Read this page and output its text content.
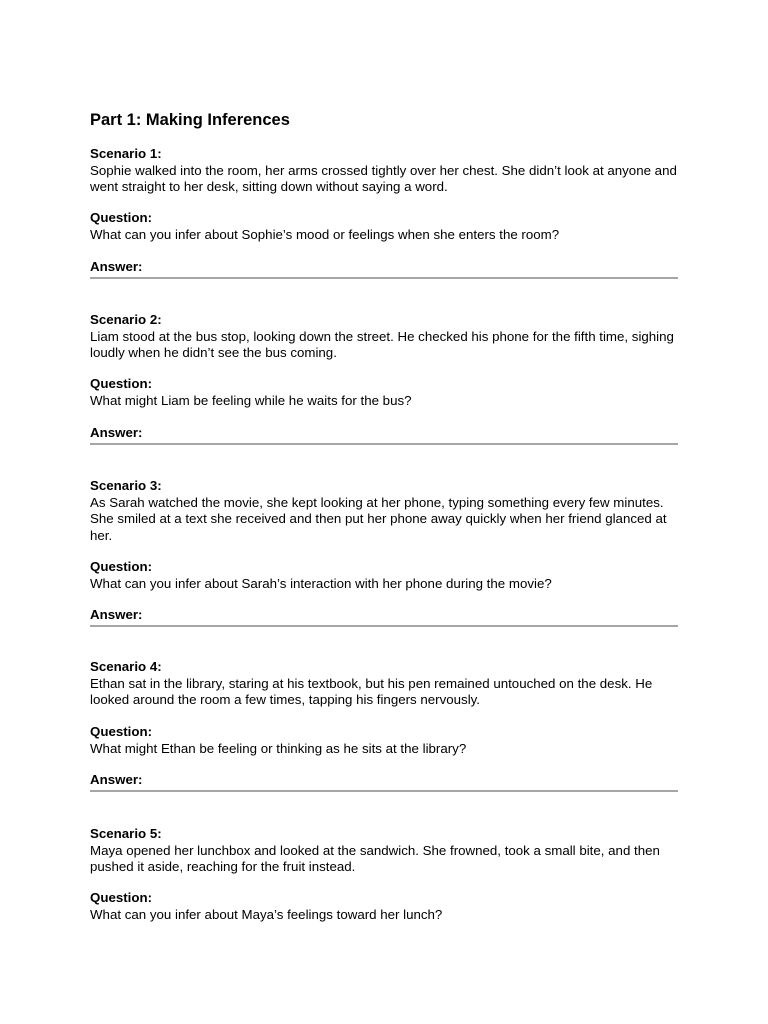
Part 1: Making Inferences
Scenario 1:
Sophie walked into the room, her arms crossed tightly over her chest. She didn’t look at anyone and went straight to her desk, sitting down without saying a word.
Question:
What can you infer about Sophie’s mood or feelings when she enters the room?
Answer:
Scenario 2:
Liam stood at the bus stop, looking down the street. He checked his phone for the fifth time, sighing loudly when he didn’t see the bus coming.
Question:
What might Liam be feeling while he waits for the bus?
Answer:
Scenario 3:
As Sarah watched the movie, she kept looking at her phone, typing something every few minutes. She smiled at a text she received and then put her phone away quickly when her friend glanced at her.
Question:
What can you infer about Sarah’s interaction with her phone during the movie?
Answer:
Scenario 4:
Ethan sat in the library, staring at his textbook, but his pen remained untouched on the desk. He looked around the room a few times, tapping his fingers nervously.
Question:
What might Ethan be feeling or thinking as he sits at the library?
Answer:
Scenario 5:
Maya opened her lunchbox and looked at the sandwich. She frowned, took a small bite, and then pushed it aside, reaching for the fruit instead.
Question:
What can you infer about Maya’s feelings toward her lunch?
